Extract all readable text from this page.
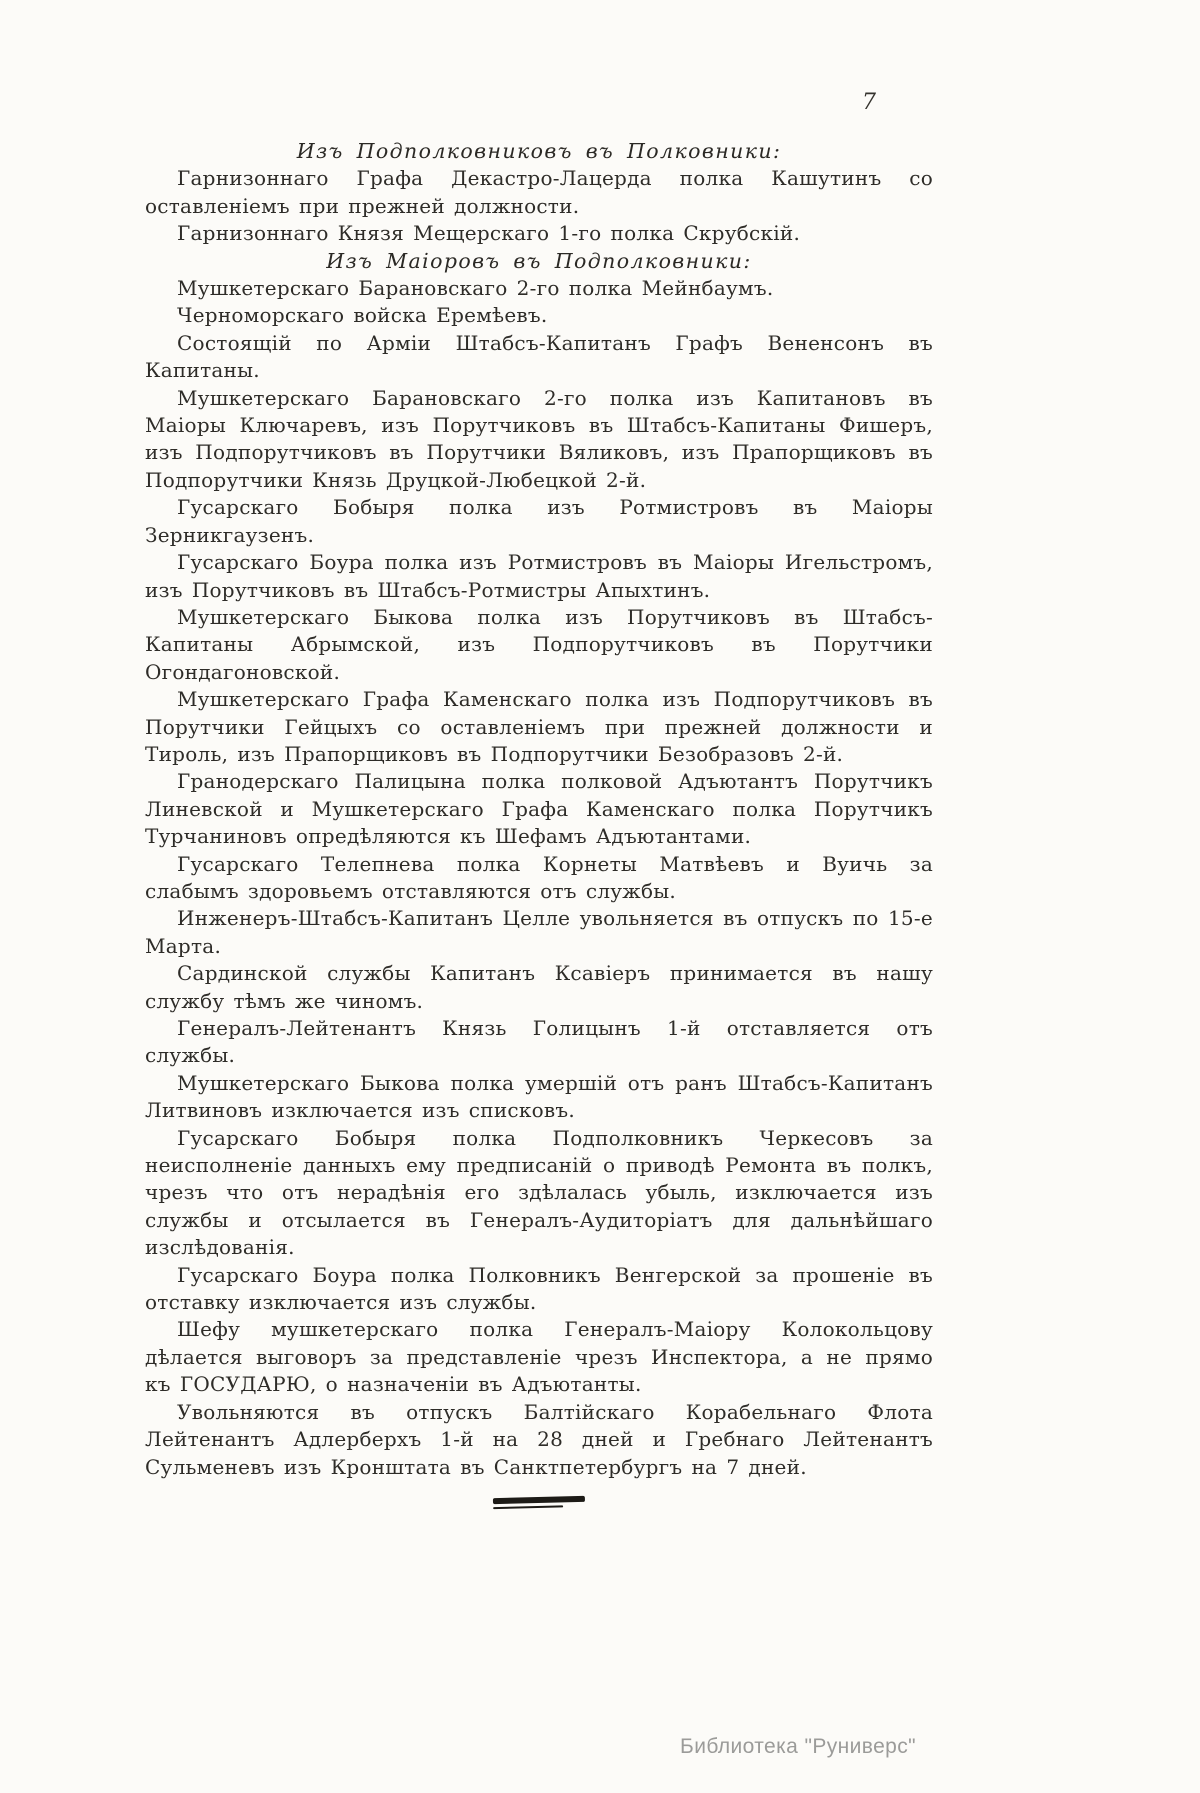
7
Изъ Подполковниковъ въ Полковники:

Гарнизоннаго Графа Декастро-Лацерда полка Кашутинъ со оставленіемъ при прежней должности.

Гарнизоннаго Князя Мещерскаго 1-го полка Скрубскій.

Изъ Маіоровъ въ Подполковники:

Мушкетерскаго Барановскаго 2-го полка Мейнбаумъ.

Черноморскаго войска Еремѣевъ.

Состоящій по Арміи Штабсъ-Капитанъ Графъ Вененсонъ въ Капитаны.

Мушкетерскаго Барановскаго 2-го полка изъ Капитановъ въ Маіоры Ключаревъ, изъ Порутчиковъ въ Штабсъ-Капитаны Фишеръ, изъ Подпорутчиковъ въ Порутчики Вяликовъ, изъ Прапорщиковъ въ Подпорутчики Князь Друцкой-Любецкой 2-й.

Гусарскаго Бобыря полка изъ Ротмистровъ въ Маіоры Зерникгаузенъ.

Гусарскаго Боура полка изъ Ротмистровъ въ Маіоры Игельстромъ, изъ Порутчиковъ въ Штабсъ-Ротмистры Апыхтинъ.

Мушкетерскаго Быкова полка изъ Порутчиковъ въ Штабсъ-Капитаны Абрымской, изъ Подпорутчиковъ въ Порутчики Огондагоновской.

Мушкетерскаго Графа Каменскаго полка изъ Подпорутчиковъ въ Порутчики Гейцыхъ со оставленіемъ при прежней должности и Тироль, изъ Прапорщиковъ въ Подпорутчики Безобразовъ 2-й.

Гранодерскаго Палицына полка полковой Адъютантъ Порутчикъ Линевской и Мушкетерскаго Графа Каменскаго полка Порутчикъ Турчаниновъ опредѣляются къ Шефамъ Адъютантами.

Гусарскаго Телепнева полка Корнеты Матвѣевъ и Вуичь за слабымъ здоровьемъ отставляются отъ службы.

Инженеръ-Штабсъ-Капитанъ Целле увольняется въ отпускъ по 15-е Марта.

Сардинской службы Капитанъ Ксавіеръ принимается въ нашу службу тѣмъ же чиномъ.

Генералъ-Лейтенантъ Князь Голицынъ 1-й отставляется отъ службы.

Мушкетерскаго Быкова полка умершій отъ ранъ Штабсъ-Капитанъ Литвиновъ изключается изъ списковъ.

Гусарскаго Бобыря полка Подполковникъ Черкесовъ за неисполненіе данныхъ ему предписаній о приводѣ Ремонта въ полкъ, чрезъ что отъ нерадѣнія его здѣлалась убыль, изключается изъ службы и отсылается въ Генералъ-Аудиторіатъ для дальнѣйшаго изслѣдованія.

Гусарскаго Боура полка Полковникъ Венгерской за прошеніе въ отставку изключается изъ службы.

Шефу мушкетерскаго полка Генералъ-Маіору Колокольцову дѣлается выговоръ за представленіе чрезъ Инспектора, а не прямо къ ГОСУДАРЮ, о назначеніи въ Адъютанты.

Увольняются въ отпускъ Балтійскаго Корабельнаго Флота Лейтенантъ Адлерберхъ 1-й на 28 дней и Гребнаго Лейтенантъ Сульменевъ изъ Кронштата въ Санктпетербургъ на 7 дней.

Библиотека "Руниверс"
